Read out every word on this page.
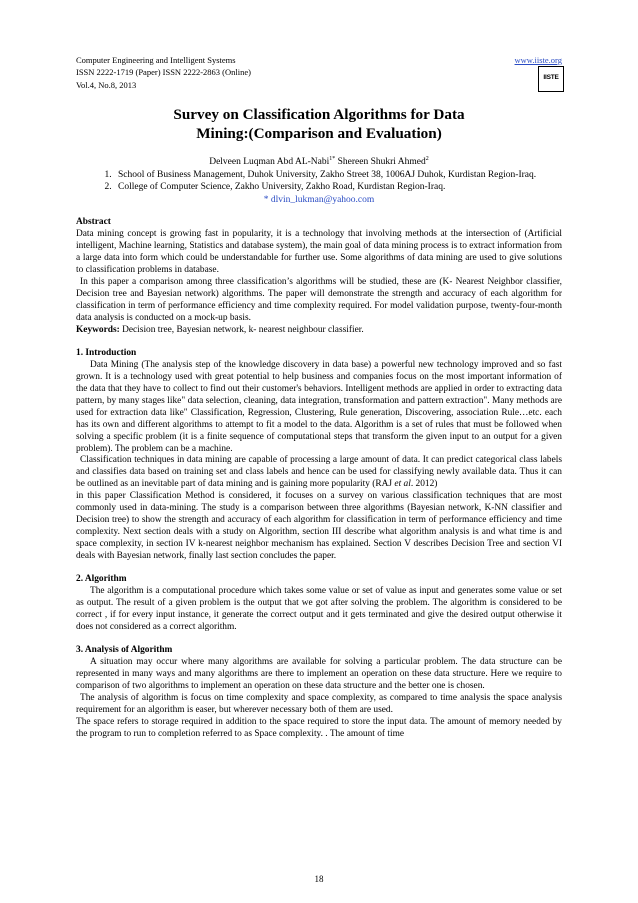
IISTE
Computer Engineering and Intelligent Systems
ISSN 2222-1719 (Paper) ISSN 2222-2863 (Online)
Vol.4, No.8, 2013
www.iiste.org
Survey on Classification Algorithms for Data
Mining:(Comparison and Evaluation)
Delveen Luqman Abd AL-Nabi$^{1*}$ Shereen Shukri Ahmed$^2$
1. School of Business Management, Duhok University, Zakho Street 38, 1006AJ Duhok, Kurdistan Region-Iraq.
2. College of Computer Science, Zakho University, Zakho Road, Kurdistan Region-Iraq.
* dlvin_lukman@yahoo.com
Abstract

Data mining concept is growing fast in popularity, it is a technology that involving methods at the intersection of (Artificial intelligent, Machine learning, Statistics and database system), the main goal of data mining process is to extract information from a large data into form which could be understandable for further use. Some algorithms of data mining are used to give solutions to classification problems in database.

In this paper a comparison among three classification’s algorithms will be studied, these are (K- Nearest Neighbor classifier, Decision tree and Bayesian network) algorithms. The paper will demonstrate the strength and accuracy of each algorithm for classification in term of performance efficiency and time complexity required. For model validation purpose, twenty-four-month data analysis is conducted on a mock-up basis.

Keywords: Decision tree, Bayesian network, k- nearest neighbour classifier.

1. Introduction

Data Mining (The analysis step of the knowledge discovery in data base) a powerful new technology improved and so fast grown. It is a technology used with great potential to help business and companies focus on the most important information of the data that they have to collect to find out their customer's behaviors. Intelligent methods are applied in order to extracting data pattern, by many stages like" data selection, cleaning, data integration, transformation and pattern extraction". Many methods are used for extraction data like" Classification, Regression, Clustering, Rule generation, Discovering, association Rule…etc. each has its own and different algorithms to attempt to fit a model to the data. Algorithm is a set of rules that must be followed when solving a specific problem (it is a finite sequence of computational steps that transform the given input to an output for a given problem). The problem can be a machine.

Classification techniques in data mining are capable of processing a large amount of data. It can predict categorical class labels and classifies data based on training set and class labels and hence can be used for classifying newly available data. Thus it can be outlined as an inevitable part of data mining and is gaining more popularity (RAJ et al. 2012)

in this paper Classification Method is considered, it focuses on a survey on various classification techniques that are most commonly used in data-mining. The study is a comparison between three algorithms (Bayesian network, K-NN classifier and Decision tree) to show the strength and accuracy of each algorithm for classification in term of performance efficiency and time complexity. Next section deals with a study on Algorithm, section III describe what algorithm analysis is and what time is and space complexity, in section IV k-nearest neighbor mechanism has explained. Section V describes Decision Tree and section VI deals with Bayesian network, finally last section concludes the paper.

2. Algorithm

The algorithm is a computational procedure which takes some value or set of value as input and generates some value or set as output. The result of a given problem is the output that we got after solving the problem. The algorithm is considered to be correct , if for every input instance, it generate the correct output and it gets terminated and give the desired output otherwise it does not considered as a correct algorithm.

3. Analysis of Algorithm

A situation may occur where many algorithms are available for solving a particular problem. The data structure can be represented in many ways and many algorithms are there to implement an operation on these data structure. Here we require to comparison of two algorithms to implement an operation on these data structure and the better one is chosen.

The analysis of algorithm is focus on time complexity and space complexity, as compared to time analysis the space analysis requirement for an algorithm is easer, but wherever necessary both of them are used.

The space refers to storage required in addition to the space required to store the input data. The amount of memory needed by the program to run to completion referred to as Space complexity. . The amount of time

18
